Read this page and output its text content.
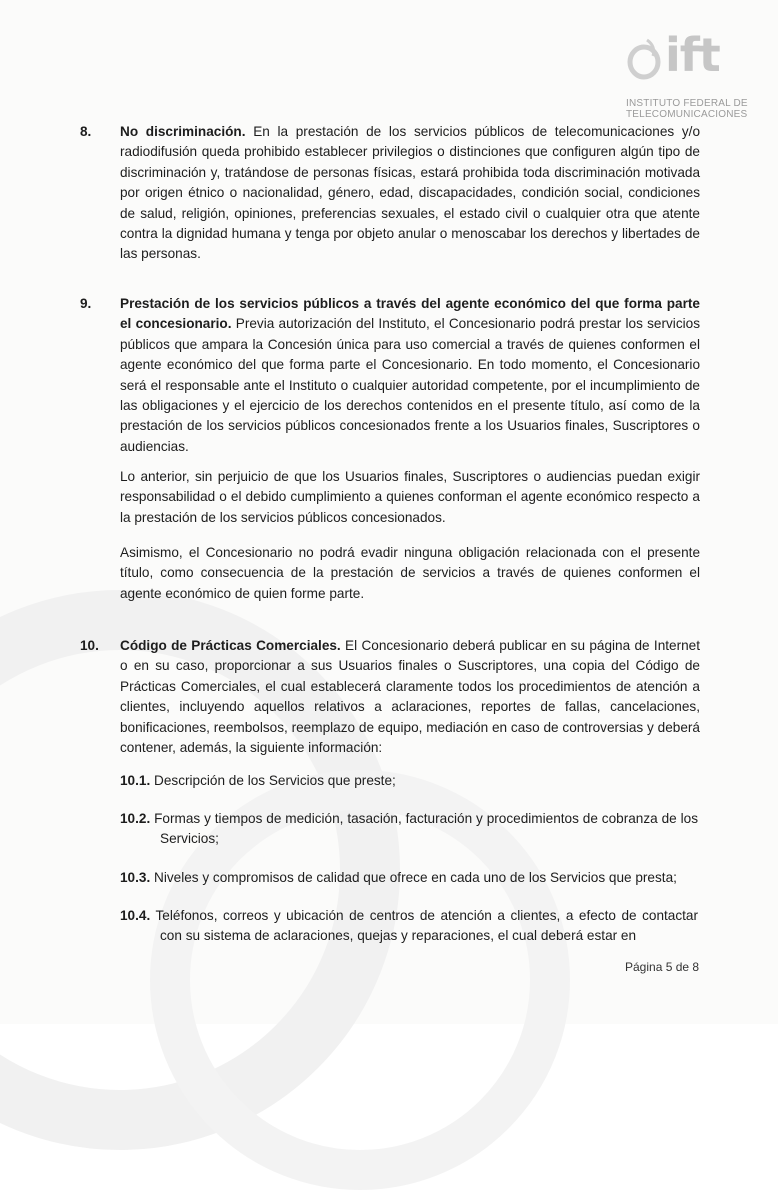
ift
INSTITUTO FEDERAL DE
TELECOMUNICACIONES
8. No discriminación. En la prestación de los servicios públicos de telecomunicaciones y/o radiodifusión queda prohibido establecer privilegios o distinciones que configuren algún tipo de discriminación y, tratándose de personas físicas, estará prohibida toda discriminación motivada por origen étnico o nacionalidad, género, edad, discapacidades, condición social, condiciones de salud, religión, opiniones, preferencias sexuales, el estado civil o cualquier otra que atente contra la dignidad humana y tenga por objeto anular o menoscabar los derechos y libertades de las personas.
9. Prestación de los servicios públicos a través del agente económico del que forma parte el concesionario. Previa autorización del Instituto, el Concesionario podrá prestar los servicios públicos que ampara la Concesión única para uso comercial a través de quienes conformen el agente económico del que forma parte el Concesionario. En todo momento, el Concesionario será el responsable ante el Instituto o cualquier autoridad competente, por el incumplimiento de las obligaciones y el ejercicio de los derechos contenidos en el presente título, así como de la prestación de los servicios públicos concesionados frente a los Usuarios finales, Suscriptores o audiencias.
Lo anterior, sin perjuicio de que los Usuarios finales, Suscriptores o audiencias puedan exigir responsabilidad o el debido cumplimiento a quienes conforman el agente económico respecto a la prestación de los servicios públicos concesionados.
Asimismo, el Concesionario no podrá evadir ninguna obligación relacionada con el presente título, como consecuencia de la prestación de servicios a través de quienes conformen el agente económico de quien forme parte.
10. Código de Prácticas Comerciales. El Concesionario deberá publicar en su página de Internet o en su caso, proporcionar a sus Usuarios finales o Suscriptores, una copia del Código de Prácticas Comerciales, el cual establecerá claramente todos los procedimientos de atención a clientes, incluyendo aquellos relativos a aclaraciones, reportes de fallas, cancelaciones, bonificaciones, reembolsos, reemplazo de equipo, mediación en caso de controversias y deberá contener, además, la siguiente información:
10.1. Descripción de los Servicios que preste;
10.2. Formas y tiempos de medición, tasación, facturación y procedimientos de cobranza de los Servicios;
10.3. Niveles y compromisos de calidad que ofrece en cada uno de los Servicios que presta;
10.4. Teléfonos, correos y ubicación de centros de atención a clientes, a efecto de contactar con su sistema de aclaraciones, quejas y reparaciones, el cual deberá estar en
Página 5 de 8
